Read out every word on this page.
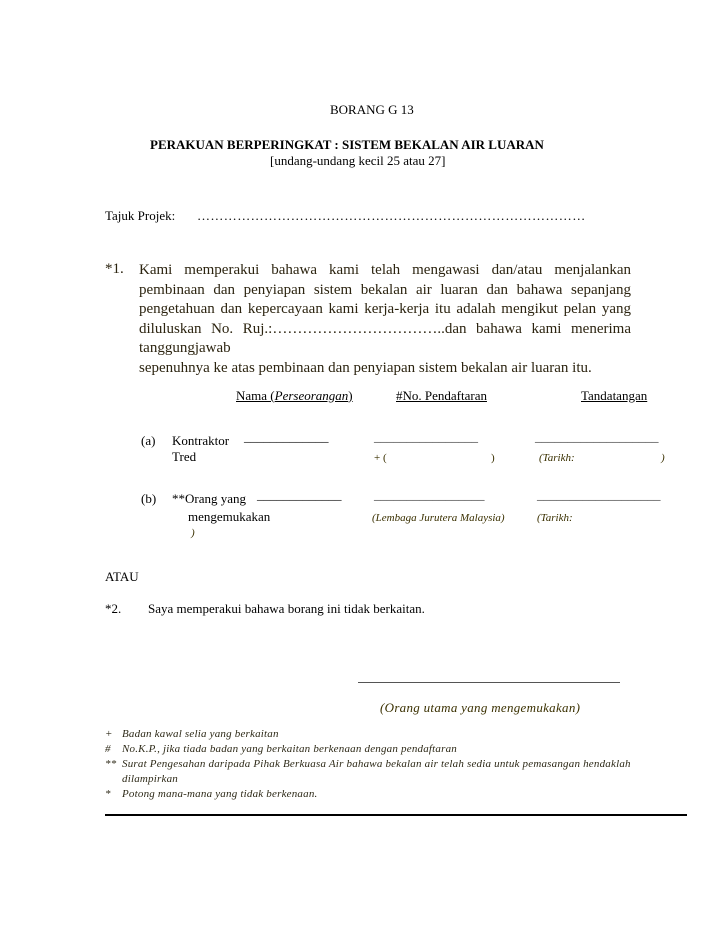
BORANG G 13
PERAKUAN BERPERINGKAT : SISTEM BEKALAN AIR LUARAN
[undang-undang kecil 25 atau 27]
Tajuk Projek: ……………………………………………………………………………
*1. Kami memperakui bahawa kami telah mengawasi dan/atau menjalankan pembinaan dan penyiapan sistem bekalan air luaran dan bahawa sepanjang pengetahuan dan kepercayaan kami kerja-kerja itu adalah mengikut pelan yang diluluskan No. Ruj.:……………………………..dan bahawa kami menerima tanggungjawab
sepenuhnya ke atas pembinaan dan penyiapan sistem bekalan air luaran itu.
Nama (Perseorangan)	#No. Pendaftaran	Tandatangan
(a) Kontraktor
Tred
_____________	________________	___________________
+ (	)	(Tarikh:	)
(b) **Orang yang
mengemukakan
_____________	_________________	___________________
(Lembaga Jurutera Malaysia)	(Tarikh:
)
ATAU
*2. Saya memperakui bahawa borang ini tidak berkaitan.
(Orang utama yang mengemukakan)
+ Badan kawal selia yang berkaitan
# No.K.P., jika tiada badan yang berkaitan berkenaan dengan pendaftaran
** Surat Pengesahan daripada Pihak Berkuasa Air bahawa bekalan air telah sedia untuk pemasangan hendaklah
dilampirkan
* Potong mana-mana yang tidak berkenaan.
